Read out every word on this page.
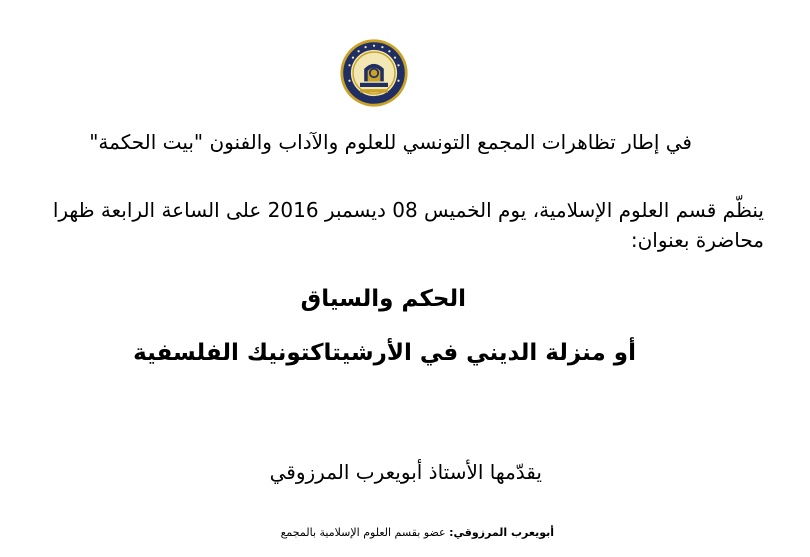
في إطار تظاهرات المجمع التونسي للعلوم والآداب والفنون "بيت الحكمة"
ينظّم قسم العلوم الإسلامية، يوم الخميس 08 ديسمبر 2016 على الساعة الرابعة ظهرا
محاضرة بعنوان:
الحكم والسياق
أو منزلة الديني في الأرشيتاكتونيك الفلسفية
يقدّمها الأستاذ أبويعرب المرزوقي
أبويعرب المرزوقي: عضو بقسم العلوم الإسلامية بالمجمع
